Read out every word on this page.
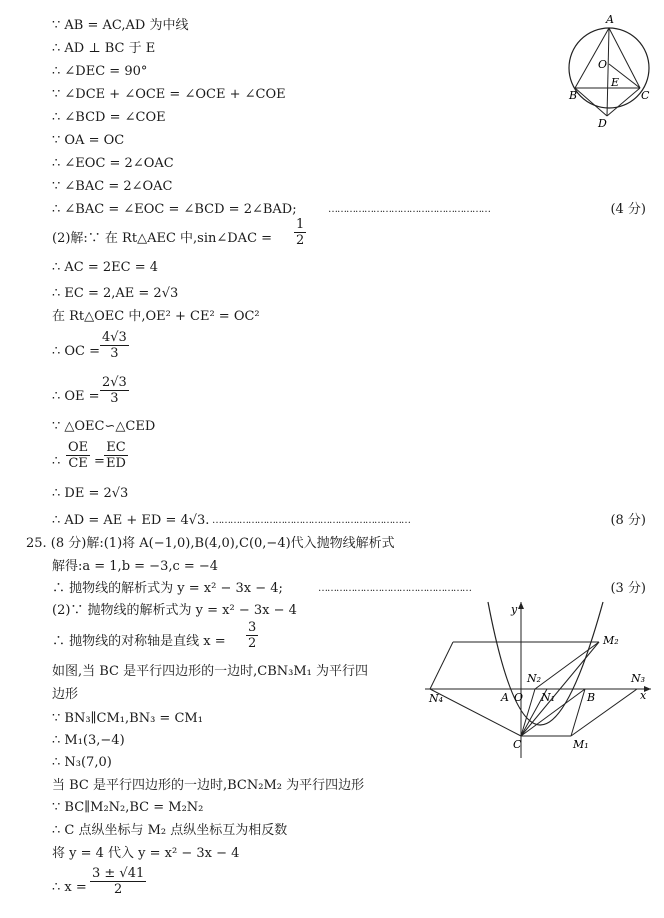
∵ AB = AC,AD 为中线
∴ AD ⊥ BC 于 E
∴ ∠DEC = 90°
∵ ∠DCE + ∠OCE = ∠OCE + ∠COE
∴ ∠BCD = ∠COE
∵ OA = OC
∴ ∠EOC = 2∠OAC
∵ ∠BAC = 2∠OAC
∴ ∠BAC = ∠EOC = ∠BCD = 2∠BAD;	………………………………………………	(4 分)
A
O
E
B	C
D
(2)解:∵ 在 Rt△AEC 中,sin∠DAC = $\frac{1}{2}$
∴ AC = 2EC = 4
∴ EC = 2,AE = 2√3
在 Rt△OEC 中,OE² + CE² = OC²
∴ OC = $\frac{4√3}{3}$
∴ OE = $\frac{2√3}{3}$
∵ △OEC∽△CED
∴ $\frac{OE}{CE} = \frac{EC}{ED}$
∴ DE = 2√3
∴ AD = AE + ED = 4√3. …………………………………………………………	(8 分)
25. (8 分)解:(1)将 A(−1,0),B(4,0),C(0,−4)代入抛物线解析式
解得:a = 1,b = −3,c = −4
∴ 抛物线的解析式为 y = x² − 3x − 4;	……………………………………………	(3 分)
(2)∵ 抛物线的解析式为 y = x² − 3x − 4
∴ 抛物线的对称轴是直线 $x = \frac{3}{2}$
如图,当 BC 是平行四边形的一边时,CBN₃M₁ 为平行四
边形
∵ BN₃∥CM₁,BN₃ = CM₁
∴ M₁(3,−4)
∴ N₃(7,0)
当 BC 是平行四边形的一边时,BCN₂M₂ 为平行四边形
∵ BC∥M₂N₂,BC = M₂N₂
∴ C 点纵坐标与 M₂ 点纵坐标互为相反数
将 y = 4 代入 y = x² − 3x − 4
∴ $x = \frac{3 \pm √41}{2}$
y
x
M₂
N₂
N₁
N₃
N₄	A O	B
C	M₁
